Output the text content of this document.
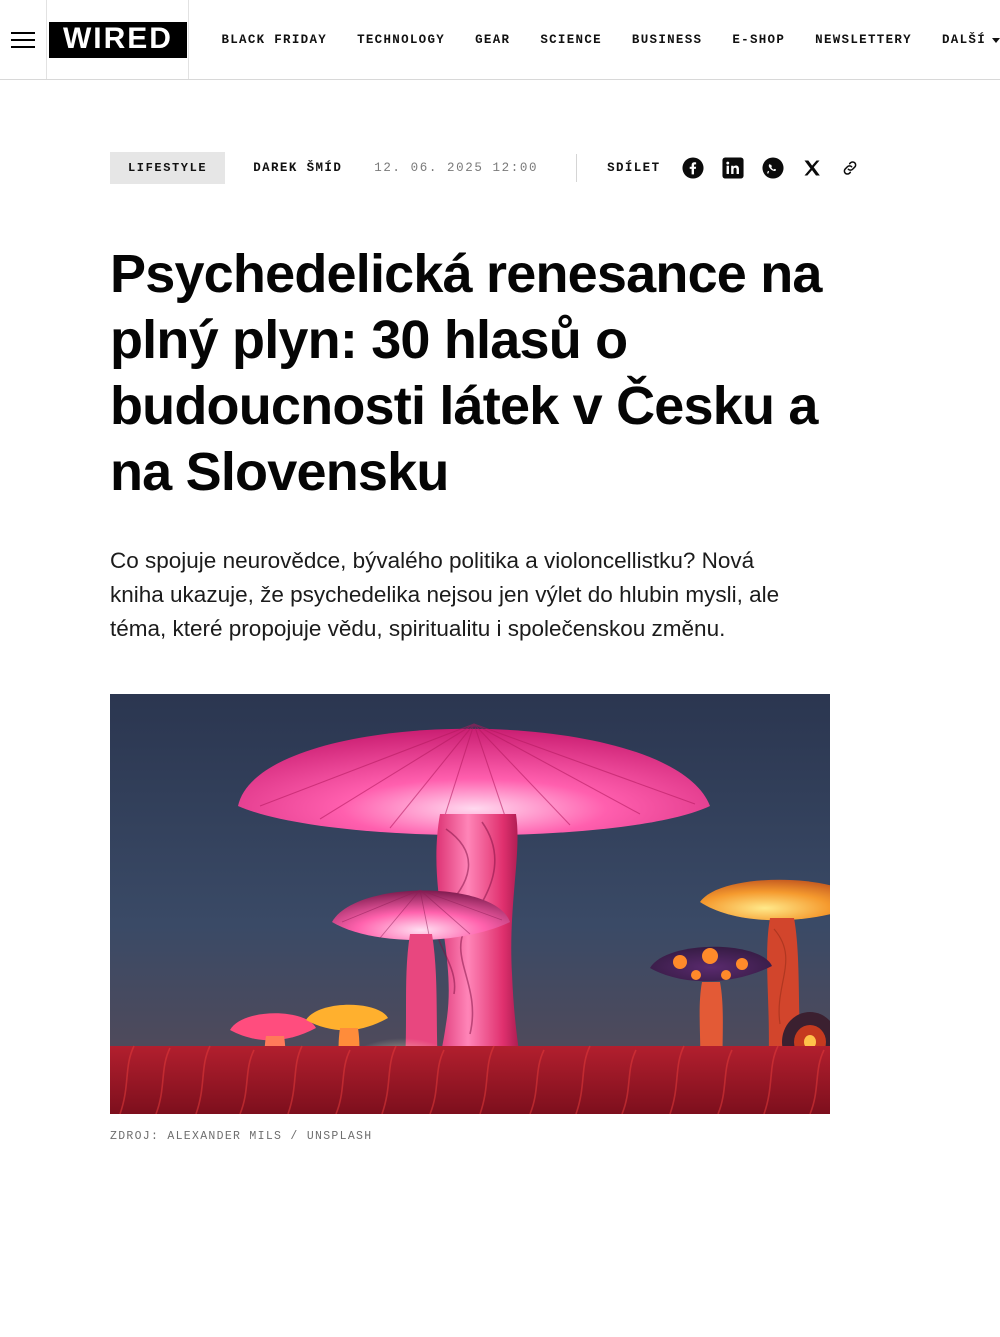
WIRED	BLACK FRIDAY TECHNOLOGY GEAR SCIENCE BUSINESS E-SHOP NEWSLETTERY DALŠÍ
LIFESTYLE	DAREK ŠMÍD	12. 06. 2025 12:00	SDÍLET
Psychedelická renesance na plný plyn: 30 hlasů o budoucnosti látek v Česku a na Slovensku

Co spojuje neurovědce, bývalého politika a violoncellistku? Nová kniha ukazuje, že psychedelika nejsou jen výlet do hlubin mysli, ale téma, které propojuje vědu, spiritualitu i společenskou změnu.

ZDROJ: ALEXANDER MILS / UNSPLASH
